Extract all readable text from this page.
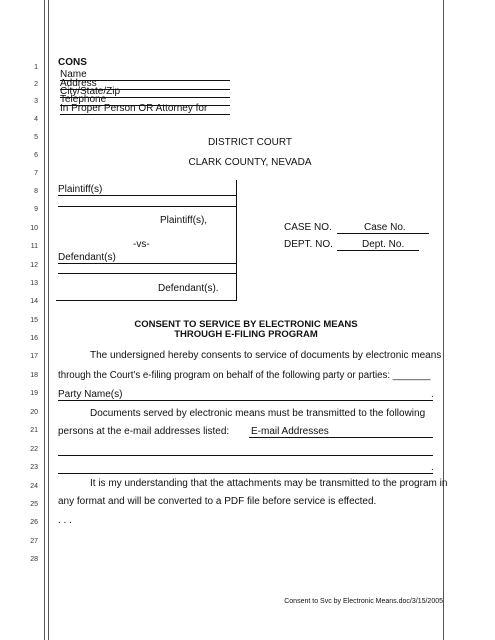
1
2
3
4
5
6
7
8
9
10
11
12
13
14
15
16
17
18
19
20
21
22
23
24
25
26
27
28
CONS
Name
Address
City/State/Zip
Telephone
In Proper Person OR Attorney for
DISTRICT COURT
CLARK COUNTY, NEVADA
Plaintiff(s)
Plaintiff(s),
-vs-
Defendant(s)
Defendant(s).
CASE NO.	Case No.
DEPT. NO.	Dept. No.
CONSENT TO SERVICE BY ELECTRONIC MEANS
THROUGH E-FILING PROGRAM
The undersigned hereby consents to service of documents by electronic means
through the Court’s e-filing program on behalf of the following party or parties: _______
Party Name(s)	.
Documents served by electronic means must be transmitted to the following
persons at the e-mail addresses listed: E-mail Addresses
.
It is my understanding that the attachments may be transmitted to the program in
any format and will be converted to a PDF file before service is effected.
. . .
Consent to Svc by Electronic Means.doc/3/15/2005
